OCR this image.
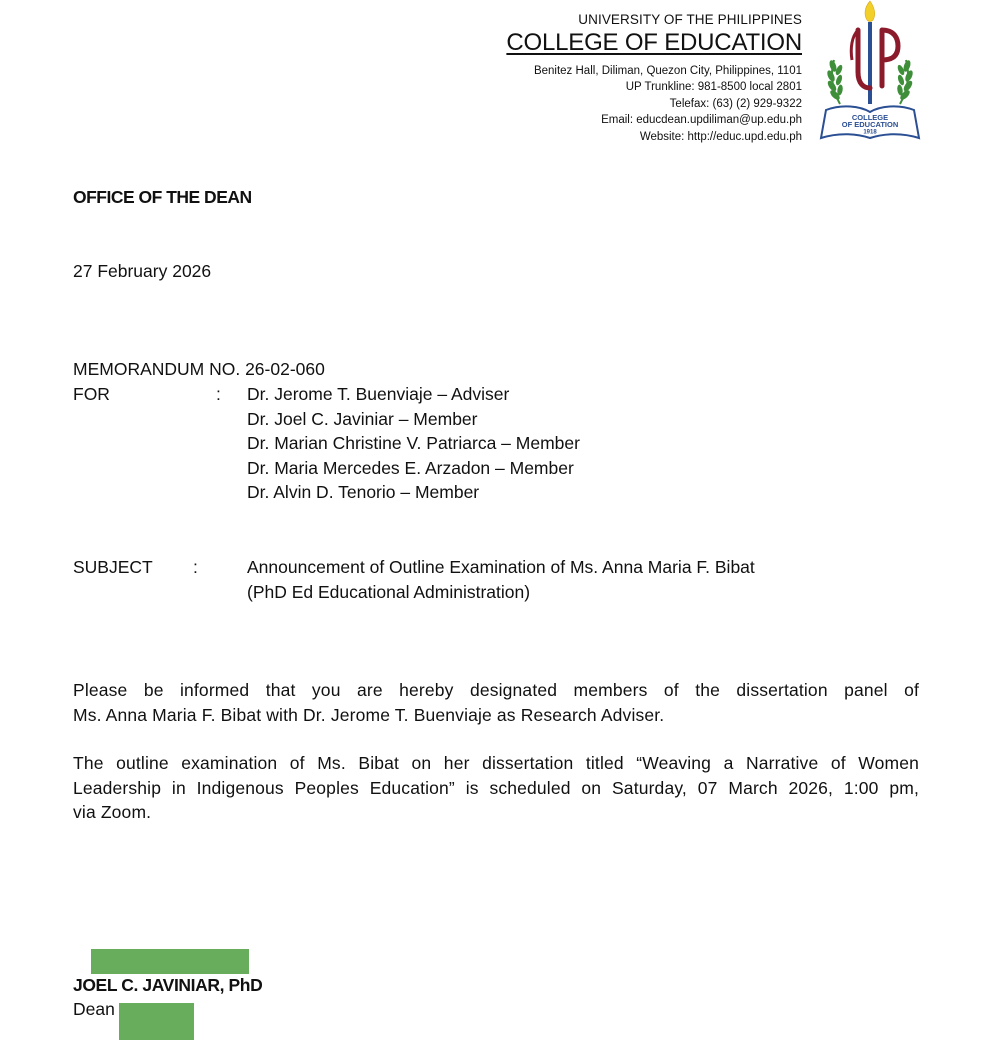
UNIVERSITY OF THE PHILIPPINES
COLLEGE OF EDUCATION
Benitez Hall, Diliman, Quezon City, Philippines, 1101
UP Trunkline: 981-8500 local 2801
Telefax: (63) (2) 929-9322
Email: educdean.updiliman@up.edu.ph
Website: http://educ.upd.edu.ph
COLLEGE
OF EDUCATION
1918
OFFICE OF THE DEAN
27 February 2026
MEMORANDUM NO. 26-02-060
FOR	: Dr. Jerome T. Buenviaje – Adviser
Dr. Joel C. Javiniar – Member
Dr. Marian Christine V. Patriarca – Member
Dr. Maria Mercedes E. Arzadon – Member
Dr. Alvin D. Tenorio – Member
SUBJECT :	Announcement of Outline Examination of Ms. Anna Maria F. Bibat
(PhD Ed Educational Administration)
Please be informed that you are hereby designated members of the dissertation panel of
Ms. Anna Maria F. Bibat with Dr. Jerome T. Buenviaje as Research Adviser.
The outline examination of Ms. Bibat on her dissertation titled “Weaving a Narrative of Women
Leadership in Indigenous Peoples Education” is scheduled on Saturday, 07 March 2026, 1:00 pm,
via Zoom.
JOEL C. JAVINIAR, PhD
Dean
